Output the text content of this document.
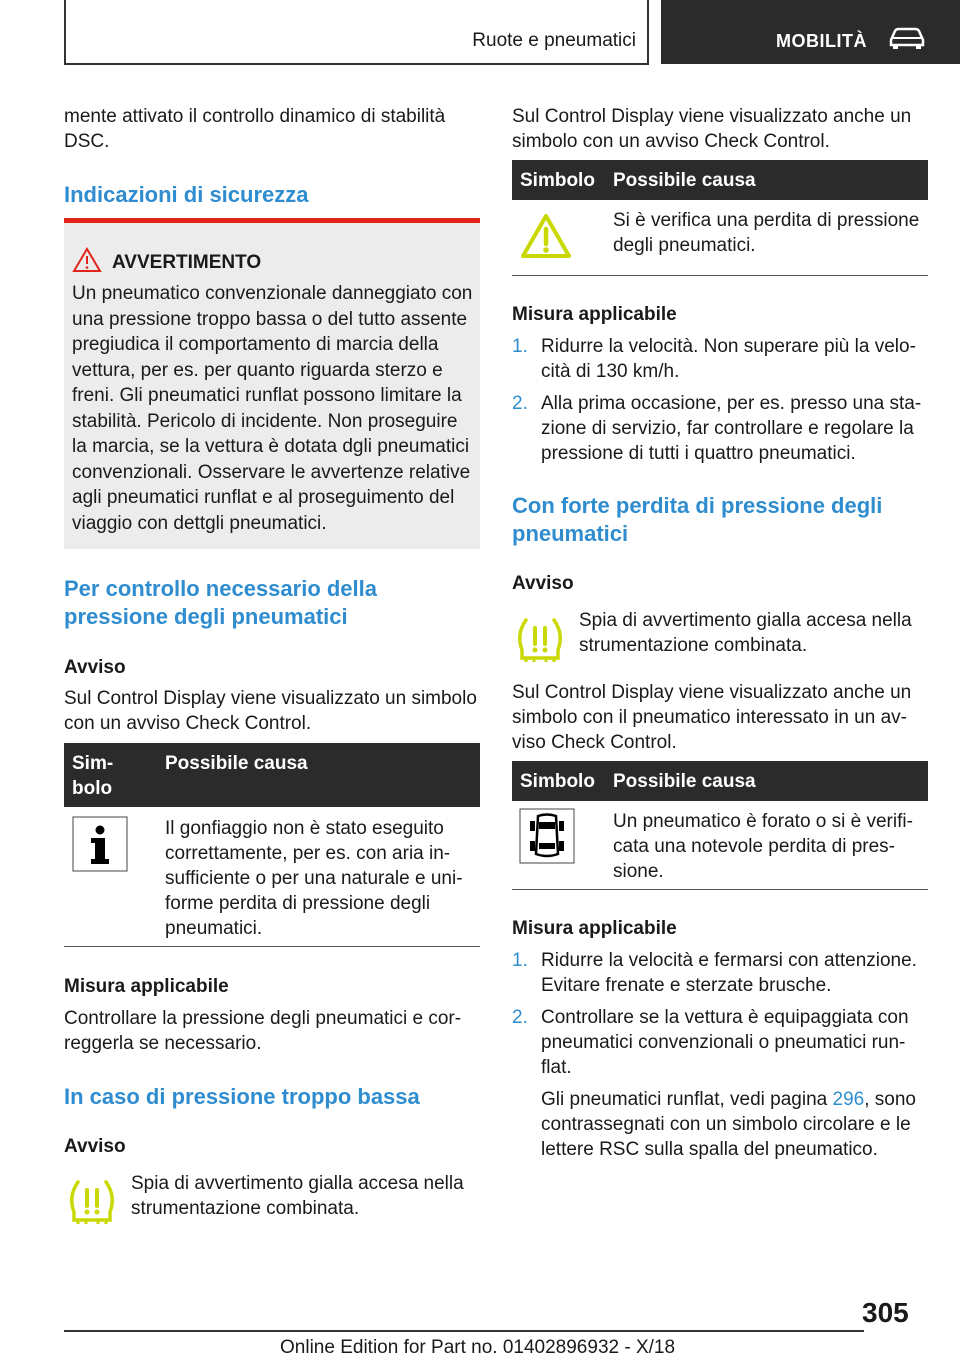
Ruote e pneumatici	MOBILITÀ

mente attivato il controllo dinamico di stabilità DSC.

Indicazioni di sicurezza
AVVERTIMENTO
Un pneumatico convenzionale danneggiato con una pressione troppo bassa o del tutto assente pregiudica il comportamento di marcia della vettura, per es. per quanto riguarda sterzo e freni. Gli pneumatici runflat possono limitare la stabilità. Pericolo di incidente. Non proseguire la marcia, se la vettura è dotata dgli pneumatici convenzionali. Osservare le avvertenze relative agli pneumatici runflat e al proseguimento del viaggio con dettgli pneumatici.
Per controllo necessario della pressione degli pneumatici
Avviso

Sul Control Display viene visualizzato un simbolo con un avviso Check Control.

Sim-
bolo
Possibile causa

Il gonfiaggio non è stato eseguito correttamente, per es. con aria in-sufficiente o per una naturale e uni-forme perdita di pressione degli pneumatici.

Misura applicabile

Controllare la pressione degli pneumatici e cor-reggerla se necessario.

In caso di pressione troppo bassa
Avviso

Spia di avvertimento gialla accesa nella strumentazione combinata.

Sul Control Display viene visualizzato anche un simbolo con un avviso Check Control.

Simbolo Possibile causa

Si è verifica una perdita di pressione degli pneumatici.

Misura applicabile
1. Ridurre la velocità. Non superare più la velo-cità di 130 km/h.
2. Alla prima occasione, per es. presso una sta-zione di servizio, far controllare e regolare la pressione di tutti i quattro pneumatici.
Con forte perdita di pressione degli pneumatici
Avviso

Spia di avvertimento gialla accesa nella strumentazione combinata.

Sul Control Display viene visualizzato anche un simbolo con il pneumatico interessato in un av-viso Check Control.

Simbolo Possibile causa

Un pneumatico è forato o si è verifi-cata una notevole perdita di pres-sione.

Misura applicabile
1. Ridurre la velocità e fermarsi con attenzione. Evitare frenate e sterzate brusche.
2. Controllare se la vettura è equipaggiata con pneumatici convenzionali o pneumatici run-flat.

Gli pneumatici runflat, vedi pagina 296, sono contrassegnati con un simbolo circolare e le lettere RSC sulla spalla del pneumatico.

305
Online Edition for Part no. 01402896932 - X/18
